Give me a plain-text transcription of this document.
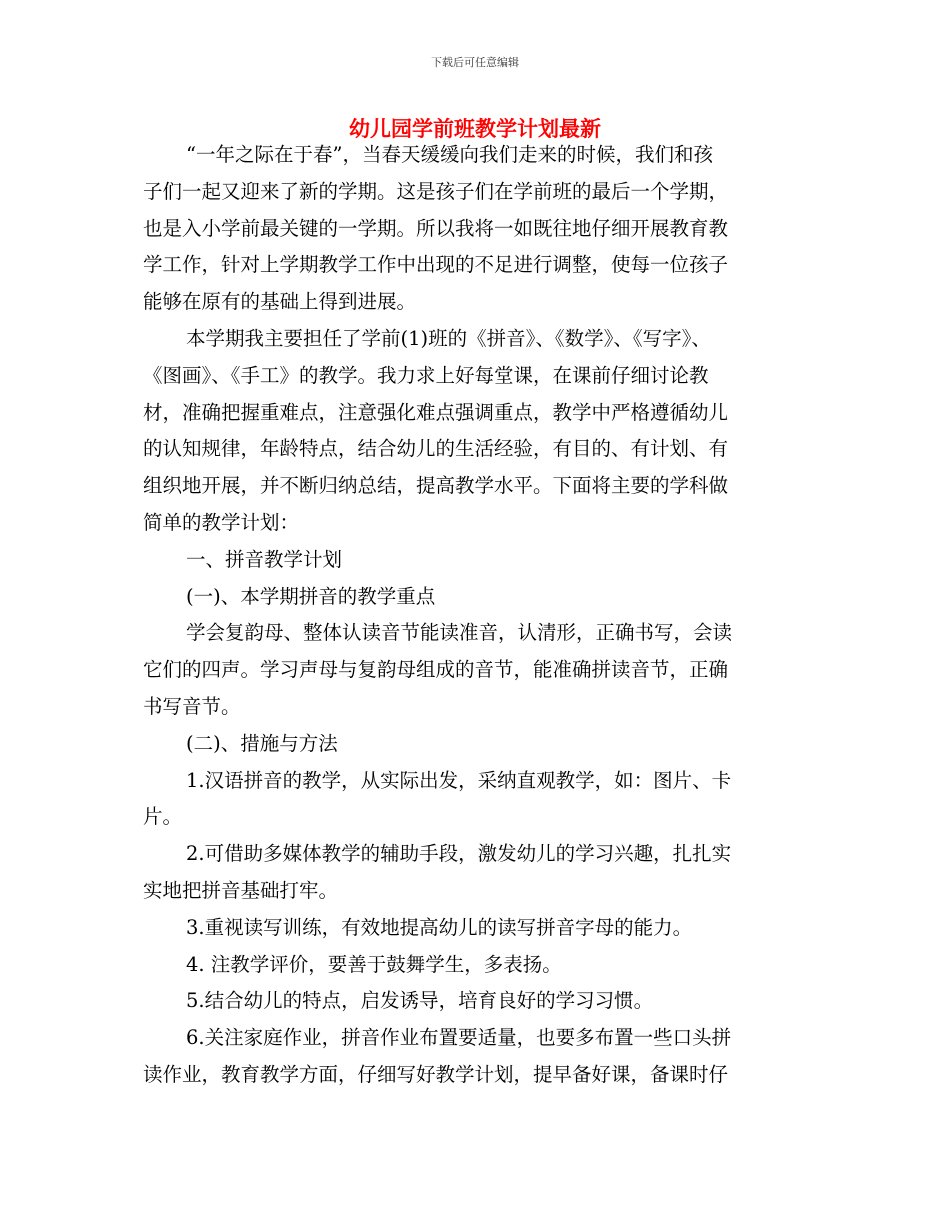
下载后可任意编辑
幼儿园学前班教学计划最新
“一年之际在于春”，当春天缓缓向我们走来的时候，我们和孩
子们一起又迎来了新的学期。这是孩子们在学前班的最后一个学期，
也是入小学前最关键的一学期。所以我将一如既往地仔细开展教育教
学工作，针对上学期教学工作中出现的不足进行调整，使每一位孩子
能够在原有的基础上得到进展。
本学期我主要担任了学前(1)班的《拼音》、《数学》、《写字》、
《图画》、《手工》的教学。我力求上好每堂课，在课前仔细讨论教
材，准确把握重难点，注意强化难点强调重点，教学中严格遵循幼儿
的认知规律，年龄特点，结合幼儿的生活经验，有目的、有计划、有
组织地开展，并不断归纳总结，提高教学水平。下面将主要的学科做
简单的教学计划：
一、拼音教学计划
(一)、本学期拼音的教学重点
学会复韵母、整体认读音节能读准音，认清形，正确书写，会读
它们的四声。学习声母与复韵母组成的音节，能准确拼读音节，正确
书写音节。
(二)、措施与方法
1.汉语拼音的教学，从实际出发，采纳直观教学，如：图片、卡
片。
2.可借助多媒体教学的辅助手段，激发幼儿的学习兴趣，扎扎实
实地把拼音基础打牢。
3.重视读写训练，有效地提高幼儿的读写拼音字母的能力。
4. 注教学评价，要善于鼓舞学生，多表扬。
5.结合幼儿的特点，启发诱导，培育良好的学习习惯。
6.关注家庭作业，拼音作业布置要适量，也要多布置一些口头拼
读作业，教育教学方面，仔细写好教学计划，提早备好课，备课时仔
